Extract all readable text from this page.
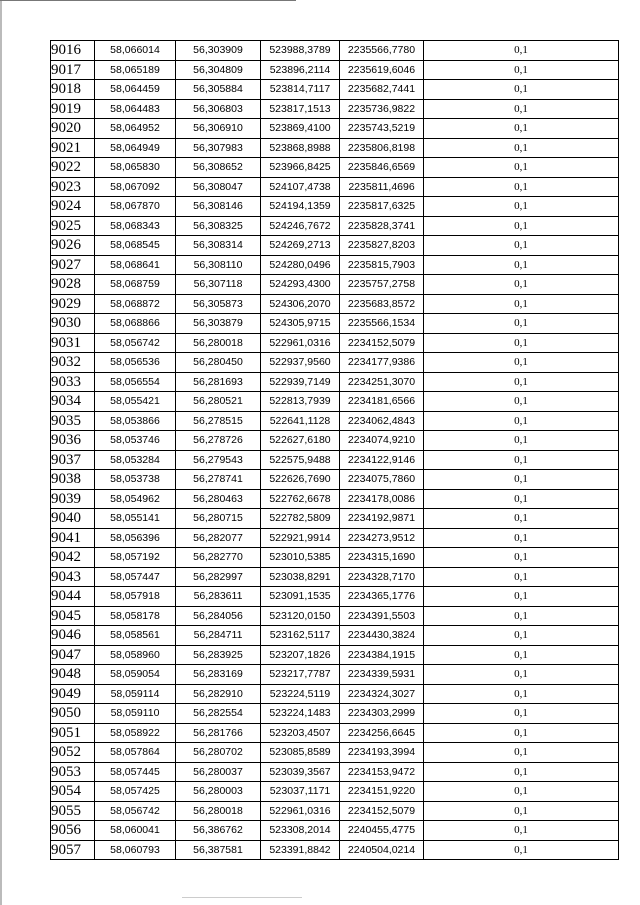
9016	58,066014	56,303909	523988,3789	2235566,7780	0,1
9017	58,065189	56,304809	523896,2114	2235619,6046	0,1
9018	58,064459	56,305884	523814,7117	2235682,7441	0,1
9019	58,064483	56,306803	523817,1513	2235736,9822	0,1
9020	58,064952	56,306910	523869,4100	2235743,5219	0,1
9021	58,064949	56,307983	523868,8988	2235806,8198	0,1
9022	58,065830	56,308652	523966,8425	2235846,6569	0,1
9023	58,067092	56,308047	524107,4738	2235811,4696	0,1
9024	58,067870	56,308146	524194,1359	2235817,6325	0,1
9025	58,068343	56,308325	524246,7672	2235828,3741	0,1
9026	58,068545	56,308314	524269,2713	2235827,8203	0,1
9027	58,068641	56,308110	524280,0496	2235815,7903	0,1
9028	58,068759	56,307118	524293,4300	2235757,2758	0,1
9029	58,068872	56,305873	524306,2070	2235683,8572	0,1
9030	58,068866	56,303879	524305,9715	2235566,1534	0,1
9031	58,056742	56,280018	522961,0316	2234152,5079	0,1
9032	58,056536	56,280450	522937,9560	2234177,9386	0,1
9033	58,056554	56,281693	522939,7149	2234251,3070	0,1
9034	58,055421	56,280521	522813,7939	2234181,6566	0,1
9035	58,053866	56,278515	522641,1128	2234062,4843	0,1
9036	58,053746	56,278726	522627,6180	2234074,9210	0,1
9037	58,053284	56,279543	522575,9488	2234122,9146	0,1
9038	58,053738	56,278741	522626,7690	2234075,7860	0,1
9039	58,054962	56,280463	522762,6678	2234178,0086	0,1
9040	58,055141	56,280715	522782,5809	2234192,9871	0,1
9041	58,056396	56,282077	522921,9914	2234273,9512	0,1
9042	58,057192	56,282770	523010,5385	2234315,1690	0,1
9043	58,057447	56,282997	523038,8291	2234328,7170	0,1
9044	58,057918	56,283611	523091,1535	2234365,1776	0,1
9045	58,058178	56,284056	523120,0150	2234391,5503	0,1
9046	58,058561	56,284711	523162,5117	2234430,3824	0,1
9047	58,058960	56,283925	523207,1826	2234384,1915	0,1
9048	58,059054	56,283169	523217,7787	2234339,5931	0,1
9049	58,059114	56,282910	523224,5119	2234324,3027	0,1
9050	58,059110	56,282554	523224,1483	2234303,2999	0,1
9051	58,058922	56,281766	523203,4507	2234256,6645	0,1
9052	58,057864	56,280702	523085,8589	2234193,3994	0,1
9053	58,057445	56,280037	523039,3567	2234153,9472	0,1
9054	58,057425	56,280003	523037,1171	2234151,9220	0,1
9055	58,056742	56,280018	522961,0316	2234152,5079	0,1
9056	58,060041	56,386762	523308,2014	2240455,4775	0,1
9057	58,060793	56,387581	523391,8842	2240504,0214	0,1
